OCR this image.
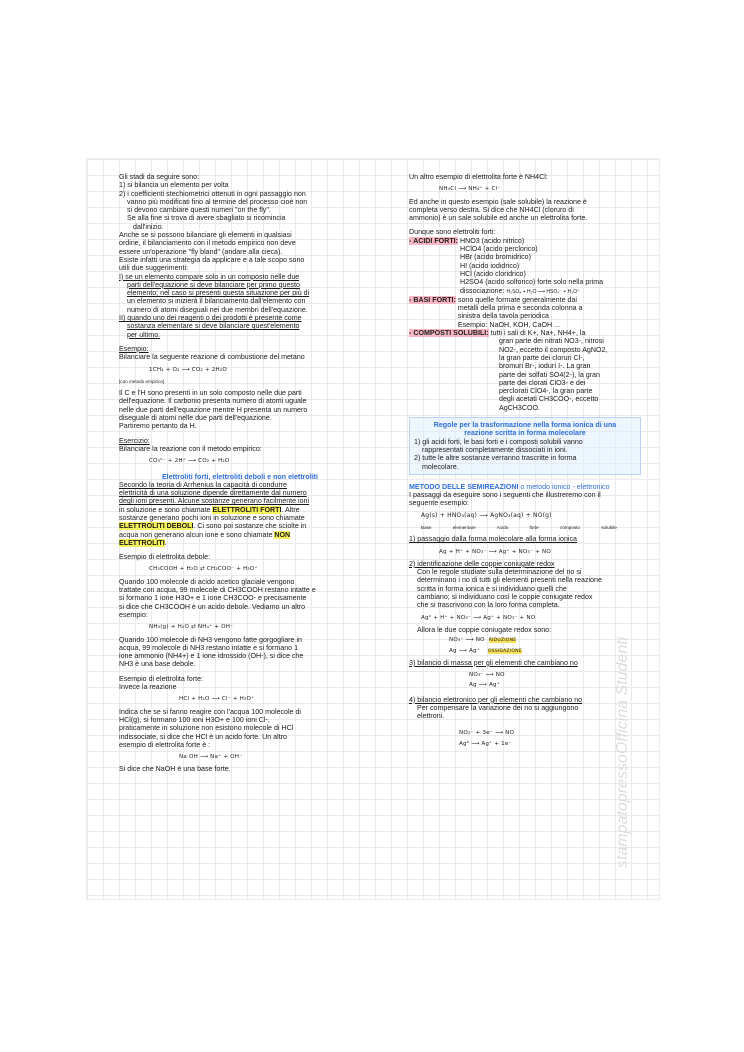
Gli stadi da seguire sono:

1) si bilancia un elemento per volta

2) i coefficienti stechiometrici ottenuti in ogni passaggio non

vanno più modificati fino al termine del processo cioè non

si devono cambiare questi numeri "on the fly".

Se alla fine si trova di avere sbagliato si ricomincia

dall'inizio.

Anche se si possono bilanciare gli elementi in qualsiasi

ordine, il bilanciamento con il metodo empirico non deve

essere un'operazione "fly bland" (andare alla cieca).

Esiste infatti una strategia da applicare e a tale scopo sono

utili due suggerimenti:

I) se un elemento compare solo in un composto nelle due

parti dell'equazione si deve bilanciare per primo questo

elemento; nel caso si presenti questa situazione per più di

un elemento si inizierà il bilanciamento dall'elemento con

numero di atomi diseguali nei due membri dell'equazione.

II) quando uno dei reagenti o dei prodotti è presente come

sostanza elementare si deve bilanciare quest'elemento

per ultimo.

Esempio:

Bilanciare la seguente reazione di combustione del metano

1CH₄ + O₂ ⟶ CO₂ + 2H₂O

[con metodo empirico]

Il C e l'H sono presenti in un solo composto nelle due parti

dell'equazione. Il carbonio presenta numero di atomi uguale

nelle due parti dell'equazione mentre H presenta un numero

diseguale di atomi nelle due parti dell'equazione.

Partiremo pertanto da H.

Esercizio:

Bilanciare la reazione con il metodo empirico:

CO₃²⁻ + 2H⁺ ⟶ CO₂ + H₂O

Elettroliti forti, elettroliti deboli e non elettroliti

Secondo la teoria di Arrhenius la capacità di condurre

elettricità di una soluzione dipende direttamente dal numero

degli ioni presenti. Alcune sostanze generano facilmente ioni

in soluzione e sono chiamate ELETTROLITI FORTI. Altre

sostanze generano pochi ioni in soluzione e sono chiamate

ELETTROLITI DEBOLI. Ci sono poi sostanze che sciolte in

acqua non generano alcun ione e sono chiamate NON

ELETTROLITI.

Esempio di elettrolita debole:

CH₃COOH + H₂O ⇄ CH₃COO⁻ + H₃O⁺

Quando 100 molecole di acido acetico glaciale vengono

trattate con acqua, 99 molecole di CH3COOH restano intatte e

si formano 1 ione H3O+ e 1 ione CH3COO- e precisamente

si dice che CH3COOH è un acido debole. Vediamo un altro

esempio:

NH₃(g) + H₂O ⇄ NH₄⁺ + OH⁻

Quando 100 molecole di NH3 vengono fatte gorgogliare in

acqua, 99 molecole di NH3 restano intatte e si formano 1

ione ammonio (NH4+) e 1 ione idrossido (OH-), si dice che

NH3 è una base debole.

Esempio di elettrolita forte:

Invece la reazione

HCl + H₂O ⟶ Cl⁻ + H₃O⁺

Indica che se si fanno reagire con l'acqua 100 molecole di

HCl(g), si formano 100 ioni H3O+ e 100 ioni Cl-,

praticamente in soluzione non esistono molecole di HCl

indissociate, si dice che HCl è un acido forte. Un altro

esempio di elettrolita forte è :

Na OH ⟶ Na⁺ + OH⁻

Si dice che NaOH è una base forte.

Un altro esempio di elettrolita forte è NH4Cl:

NH₄Cl ⟶ NH₄⁺ + Cl⁻

Ed anche in questo esempio (sale solubile) la reazione è

completa verso destra. Si dice che NH4Cl (cloruro di

ammonio) è un sale solubile ed anche un elettrolita forte.

Dunque sono elettroliti forti:

- ACIDI FORTI: HNO3 (acido nitrico)

HClO4 (acido perclorico)

HBr (acido bromidrico)

HI (acido iodidrico)

HCl (acido cloridrico)

H2SO4 (acido solforico) forte solo nella prima

dissociazione: H₂SO₄ + H₂O ⟶ HSO₄⁻ + H₃O⁺

- BASI FORTI: sono quelle formate generalmente dai

metalli della prima e seconda colonna a

sinistra della tavola periodica

Esempio: NaOH, KOH, CaOH ...

- COMPOSTI SOLUBILI: tutti i sali di K+, Na+, NH4+, la

gran parte dei nitrati NO3-, nitrosi

NO2-, eccetto il composto AgNO2,

la gran parte dei cloruri Cl-,

bromuri Br-, iodurí I-. La gran

parte dei solfati SO4(2-), la gran

parte dei clorati ClO3- e dei

perclorati ClO4-, la gran parte

degli acetati CH3COO-, eccetto

AgCH3COO.

Regole per la trasformazione nella forma ionica di una

reazione scritta in forma molecolare

1) gli acidi forti, le basi forti e i composti solubili vanno

rappresentati completamente dissociati in ioni.

2) tutte le altre sostanze verranno trascritte in forma

molecolare.

METODO DELLE SEMIREAZIONI o metodo ionico - elettronico

I passaggi da eseguire sono i seguenti che illustreremo con il

seguente esempio:

Ag(s) + HNO₃(aq) ⟶ AgNO₃(aq) + NO(g)

Base elementare	Acido forte	composto solubile

1) passaggio dalla forma molecolare alla forma ionica

Ag + H⁺ + NO₃⁻ ⟶ Ag⁺ + NO₃⁻ + NO

2) identificazione delle coppie coniugate redox

Con le regole studiate sulla determinazione del no si

determinano i no di tutti gli elementi presenti nella reazione

scritta in forma ionica e si individuano quelli che

cambiano; si individuano così le coppie coniugate redox

che si trascrivono con la loro forma completa.

Ag⁰ + H⁺ + NO₃⁻ ⟶ Ag⁺ + NO₃⁻ + NO

Allora le due coppie coniugate redox sono:

NO₃⁻ ⟶ NO RIDUZIONE

Ag ⟶ Ag⁺ OSSIDAZIONE

3) bilancio di massa per gli elementi che cambiano no

NO₃⁻ ⟶ NO

Ag ⟶ Ag⁺

4) bilancio elettronico per gli elementi che cambiano no

Per compensare la variazione dei no si aggiungono

elettroni.

NO₃⁻ + 3e⁻ ⟶ NO

Ag⁰ ⟶ Ag⁺ + 1e⁻	stampatopressoOfficina Studenti
